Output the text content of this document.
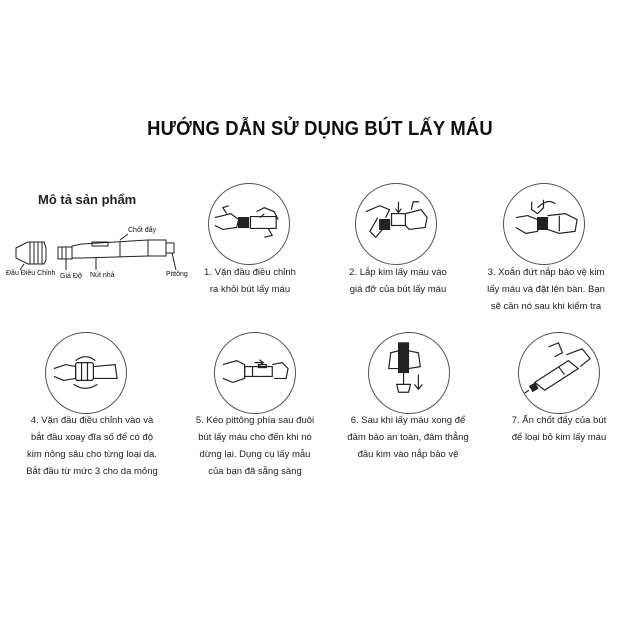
HƯỚNG DẪN SỬ DỤNG BÚT LẤY MÁU
Mô tả sản phẩm
Chốt đẩy
Đầu Điều Chỉnh Giá Đỡ Nút nhả	Pittông	1. Vặn đầu điều chỉnh
ra khỏi bút lấy máu
2. Lắp kim lấy máu vào
giá đỡ của bút lấy máu
3. Xoắn đứt nắp bảo vệ kim
lấy máu và đặt lên bàn. Bạn
sẽ cần nó sau khi kiểm tra
4. Vặn đầu điều chỉnh vào và
bắt đầu xoay đĩa số để có độ
kim nông sâu cho từng loại da.
Bắt đầu từ mức 3 cho da mỏng
5. Kéo pittông phía sau đuôi
bút lấy máu cho đến khi nó
dừng lại. Dụng cụ lấy mẫu
của bạn đã sẵng sàng
6. Sau khi lấy máu xong để
đảm bảo an toàn, đâm thẳng
đầu kim vào nắp bảo vệ
7. Ấn chốt đẩy của bút
để loại bỏ kim lấy máu
